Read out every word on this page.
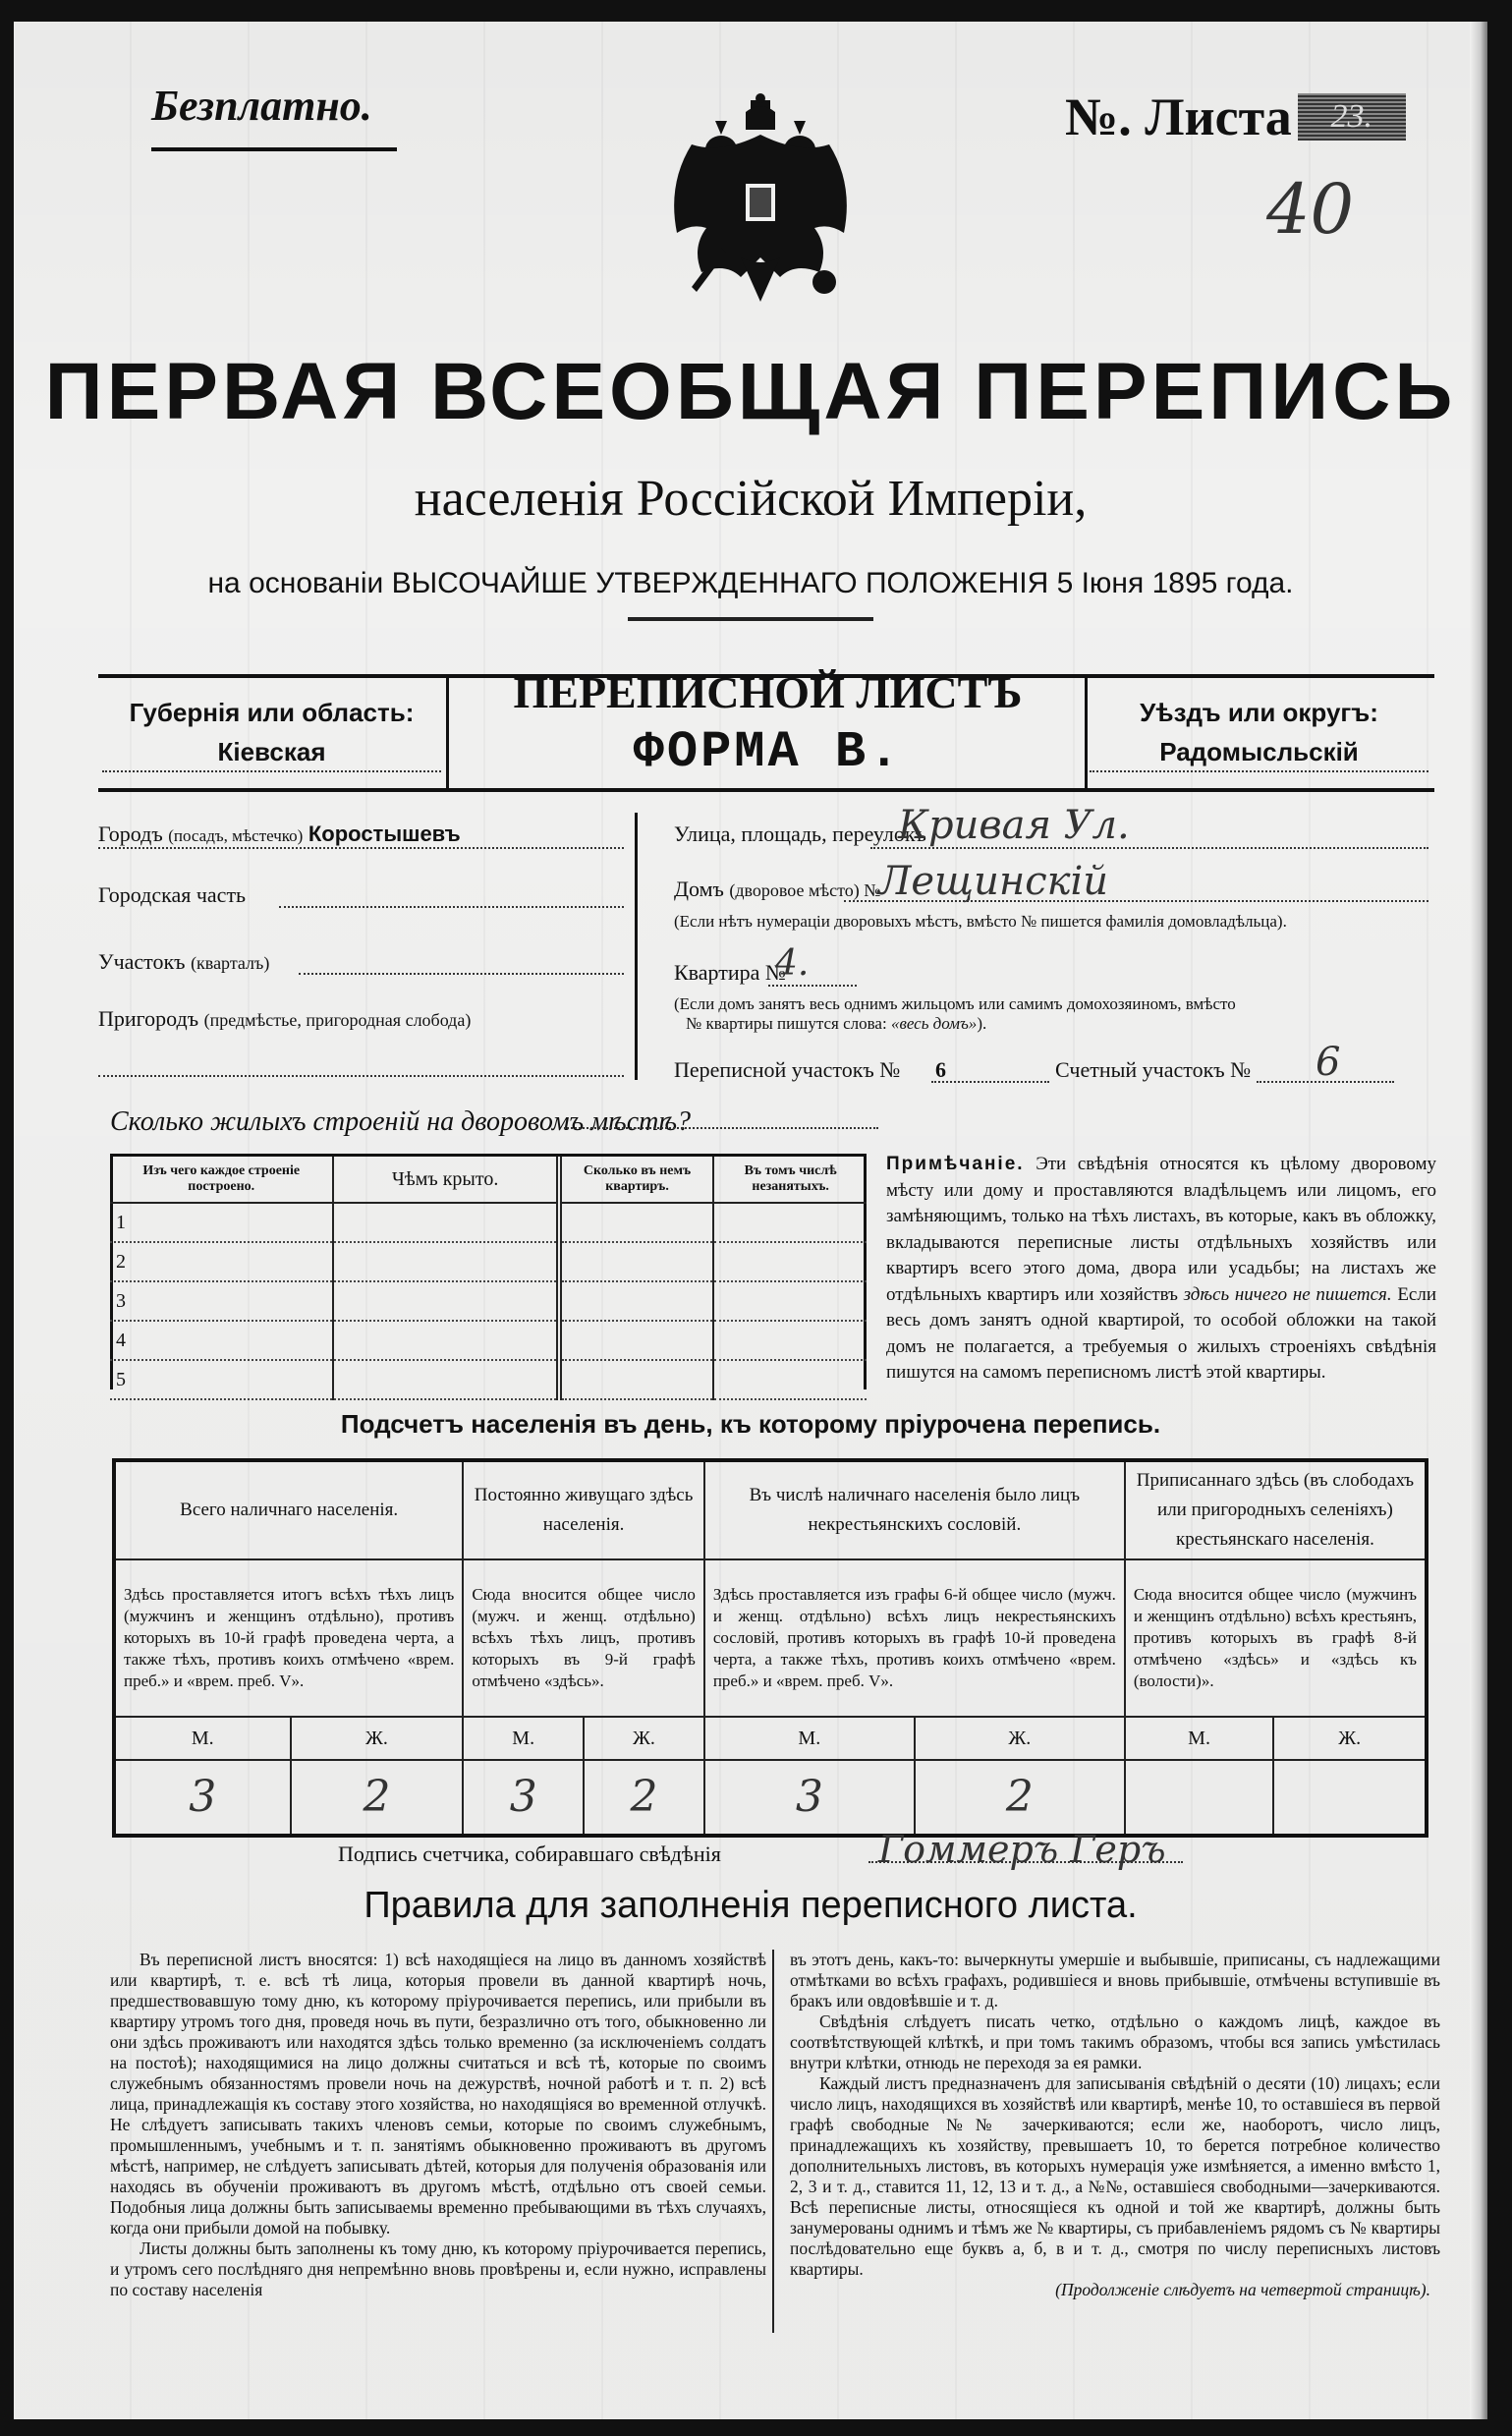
Безплатно.	№. Листа	23.
40
ПЕРВАЯ ВСЕОБЩАЯ ПЕРЕПИСЬ
населенія Россійской Имперіи,
на основаніи ВЫСОЧАЙШЕ УТВЕРЖДЕННАГО ПОЛОЖЕНІЯ 5 Іюня 1895 года.
Губернія или область:
Кіевская
ПЕРЕПИСНОЙ ЛИСТЪ
ФОРМА В.
Уѣздъ или округъ:
Радомысльскій
Городъ (посадъ, мѣстечко) Коростышевъ
Городская часть
Участокъ (кварталъ)
Пригородъ (предмѣстье, пригородная слобода)
Улица, площадь, переулокъ
Кривая Ул.
Домъ (дворовое мѣсто) №
Лещинскій
(Если нѣтъ нумераціи дворовыхъ мѣстъ, вмѣсто № пишется фамилія домовладѣльца).
Квартира №
4.
(Если домъ занятъ весь однимъ жильцомъ или самимъ домохозяиномъ, вмѣсто
№ квартиры пишутся слова: «весь домъ»).
Переписной участокъ № 6	Счетный участокъ № 6
Сколько жилыхъ строеній на дворовомъ мѣстѣ?
Изъ чего каждое строеніе построено.	Чѣмъ крыто.	Сколько въ немъ квартиръ.	Въ томъ числѣ незанятыхъ.
1			
2			
3			
4			
5			
Примѣчаніе. Эти свѣдѣнія относятся къ цѣлому дворовому мѣсту или дому и проставляются владѣльцемъ или лицомъ, его замѣняющимъ, только на тѣхъ листахъ, въ которые, какъ въ обложку, вкладываются переписные листы отдѣльныхъ хозяйствъ или квартиръ всего этого дома, двора или усадьбы; на листахъ же отдѣльныхъ квартиръ или хозяйствъ здѣсь ничего не пишется. Если весь домъ занятъ одной квартирой, то особой обложки на такой домъ не полагается, а требуемыя о жилыхъ строеніяхъ свѣдѣнія пишутся на самомъ переписномъ листѣ этой квартиры.
Подсчетъ населенія въ день, къ которому пріурочена перепись.
Всего наличнаго населенія.		Постоянно живущаго здѣсь населенія.		Въ числѣ наличнаго населенія было лицъ некрестьянскихъ сословій.		Приписаннаго здѣсь (въ слободахъ или пригородныхъ селеніяхъ) крестьянскаго населенія.	
Здѣсь проставляется итогъ всѣхъ тѣхъ лицъ (мужчинъ и женщинъ отдѣльно), противъ которыхъ въ 10-й графѣ проведена черта, а также тѣхъ, противъ коихъ отмѣчено «врем. преб.» и «врем. преб. V».		Сюда вносится общее число (мужч. и женщ. отдѣльно) всѣхъ тѣхъ лицъ, противъ которыхъ въ 9-й графѣ отмѣчено «здѣсь».		Здѣсь проставляется изъ графы 6-й общее число (мужч. и женщ. отдѣльно) всѣхъ лицъ некрестьянскихъ сословій, противъ которыхъ въ графѣ 10-й проведена черта, а также тѣхъ, противъ коихъ отмѣчено «врем. преб.» и «врем. преб. V».		Сюда вносится общее число (мужчинъ и женщинъ отдѣльно) всѣхъ крестьянъ, противъ которыхъ въ графѣ 8-й отмѣчено «здѣсь» и «здѣсь къ (волости)».	
М.	Ж.	М.	Ж.	М.	Ж.	М.	Ж.
3	2	3	2	3	2		
Подпись счетчика, собиравшаго свѣдѣнія	Гоммеръ Геръ
Правила для заполненія переписного листа.

Въ переписной листъ вносятся: 1) всѣ находящіеся на лицо въ данномъ хозяйствѣ или квартирѣ, т. е. всѣ тѣ лица, которыя провели въ данной квартирѣ ночь, предшествовавшую тому дню, къ которому пріурочивается перепись, или прибыли въ квартиру утромъ того дня, проведя ночь въ пути, безразлично отъ того, обыкновенно ли они здѣсь проживаютъ или находятся здѣсь только временно (за исключеніемъ солдатъ на постоѣ); находящимися на лицо должны считаться и всѣ тѣ, которые по своимъ служебнымъ обязанностямъ провели ночь на дежурствѣ, ночной работѣ и т. п. 2) всѣ лица, принадлежащія къ составу этого хозяйства, но находящіяся во временной отлучкѣ. Не слѣдуетъ записывать такихъ членовъ семьи, которые по своимъ служебнымъ, промышленнымъ, учебнымъ и т. п. занятіямъ обыкновенно проживаютъ въ другомъ мѣстѣ, например, не слѣдуетъ записывать дѣтей, которыя для полученія образованія или находясь въ обученіи проживаютъ въ другомъ мѣстѣ, отдѣльно отъ своей семьи. Подобныя лица должны быть записываемы временно пребывающими въ тѣхъ случаяхъ, когда они прибыли домой на побывку.

Листы должны быть заполнены къ тому дню, къ которому пріурочивается перепись, и утромъ сего послѣдняго дня непремѣнно вновь провѣрены и, если нужно, исправлены по составу населенія

въ этотъ день, какъ-то: вычеркнуты умершіе и выбывшіе, приписаны, съ надлежащими отмѣтками во всѣхъ графахъ, родившіеся и вновь прибывшіе, отмѣчены вступившіе въ бракъ или овдовѣвшіе и т. д.

Свѣдѣнія слѣдуетъ писать четко, отдѣльно о каждомъ лицѣ, каждое въ соотвѣтствующей клѣткѣ, и при томъ такимъ образомъ, чтобы вся запись умѣстилась внутри клѣтки, отнюдь не переходя за ея рамки.

Каждый листъ предназначенъ для записыванія свѣдѣній о десяти (10) лицахъ; если число лицъ, находящихся въ хозяйствѣ или квартирѣ, менѣе 10, то оставшіеся въ первой графѣ свободные №№ зачеркиваются; если же, наоборотъ, число лицъ, принадлежащихъ къ хозяйству, превышаетъ 10, то берется потребное количество дополнительныхъ листовъ, въ которыхъ нумерація уже измѣняется, а именно вмѣсто 1, 2, 3 и т. д., ставится 11, 12, 13 и т. д., а №№, оставшіеся свободными—зачеркиваются. Всѣ переписные листы, относящіеся къ одной и той же квартирѣ, должны быть занумерованы однимъ и тѣмъ же № квартиры, съ прибавленіемъ рядомъ съ № квартиры послѣдовательно еще буквъ а, б, в и т. д., смотря по числу переписныхъ листовъ квартиры.

(Продолженіе слѣдуетъ на четвертой страницѣ).
